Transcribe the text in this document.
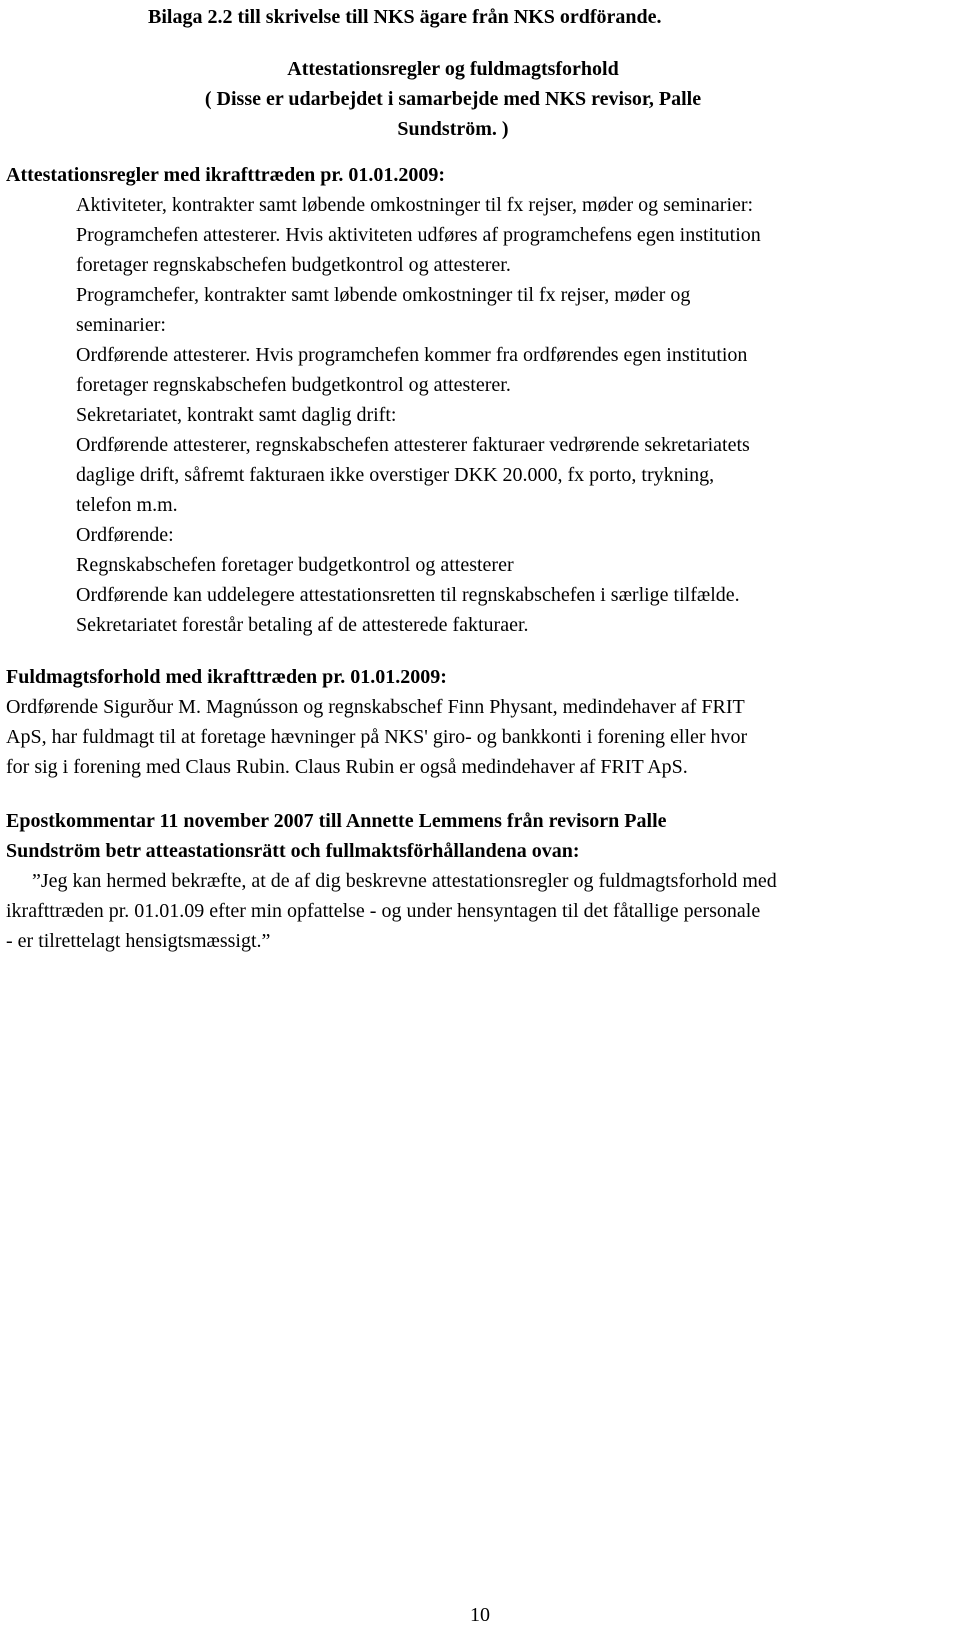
Bilaga 2.2 till skrivelse till NKS ägare från NKS ordförande.
Attestationsregler og fuldmagtsforhold
( Disse er udarbejdet i samarbejde med NKS revisor, Palle
Sundström. )
Attestationsregler med ikrafttræden pr. 01.01.2009:
Aktiviteter, kontrakter samt løbende omkostninger til fx rejser, møder og seminarier:
Programchefen attesterer. Hvis aktiviteten udføres af programchefens egen institution
foretager regnskabschefen budgetkontrol og attesterer.
Programchefer, kontrakter samt løbende omkostninger til fx rejser, møder og
seminarier:
Ordførende attesterer. Hvis programchefen kommer fra ordførendes egen institution
foretager regnskabschefen budgetkontrol og attesterer.
Sekretariatet, kontrakt samt daglig drift:
Ordførende attesterer, regnskabschefen attesterer fakturaer vedrørende sekretariatets
daglige drift, såfremt fakturaen ikke overstiger DKK 20.000, fx porto, trykning,
telefon m.m.
Ordførende:
Regnskabschefen foretager budgetkontrol og attesterer
Ordførende kan uddelegere attestationsretten til regnskabschefen i særlige tilfælde.
Sekretariatet forestår betaling af de attesterede fakturaer.
Fuldmagtsforhold med ikrafttræden pr. 01.01.2009:
Ordførende Sigurður M. Magnússon og regnskabschef Finn Physant, medindehaver af FRIT
ApS, har fuldmagt til at foretage hævninger på NKS' giro- og bankkonti i forening eller hvor
for sig i forening med Claus Rubin. Claus Rubin er også medindehaver af FRIT ApS.
Epostkommentar 11 november 2007 till Annette Lemmens från revisorn Palle
Sundström betr atteastationsrätt och fullmaktsförhållandena ovan:
”Jeg kan hermed bekræfte, at de af dig beskrevne attestationsregler og fuldmagtsforhold med
ikrafttræden pr. 01.01.09 efter min opfattelse - og under hensyntagen til det fåtallige personale
- er tilrettelagt hensigtsmæssigt.”
10
